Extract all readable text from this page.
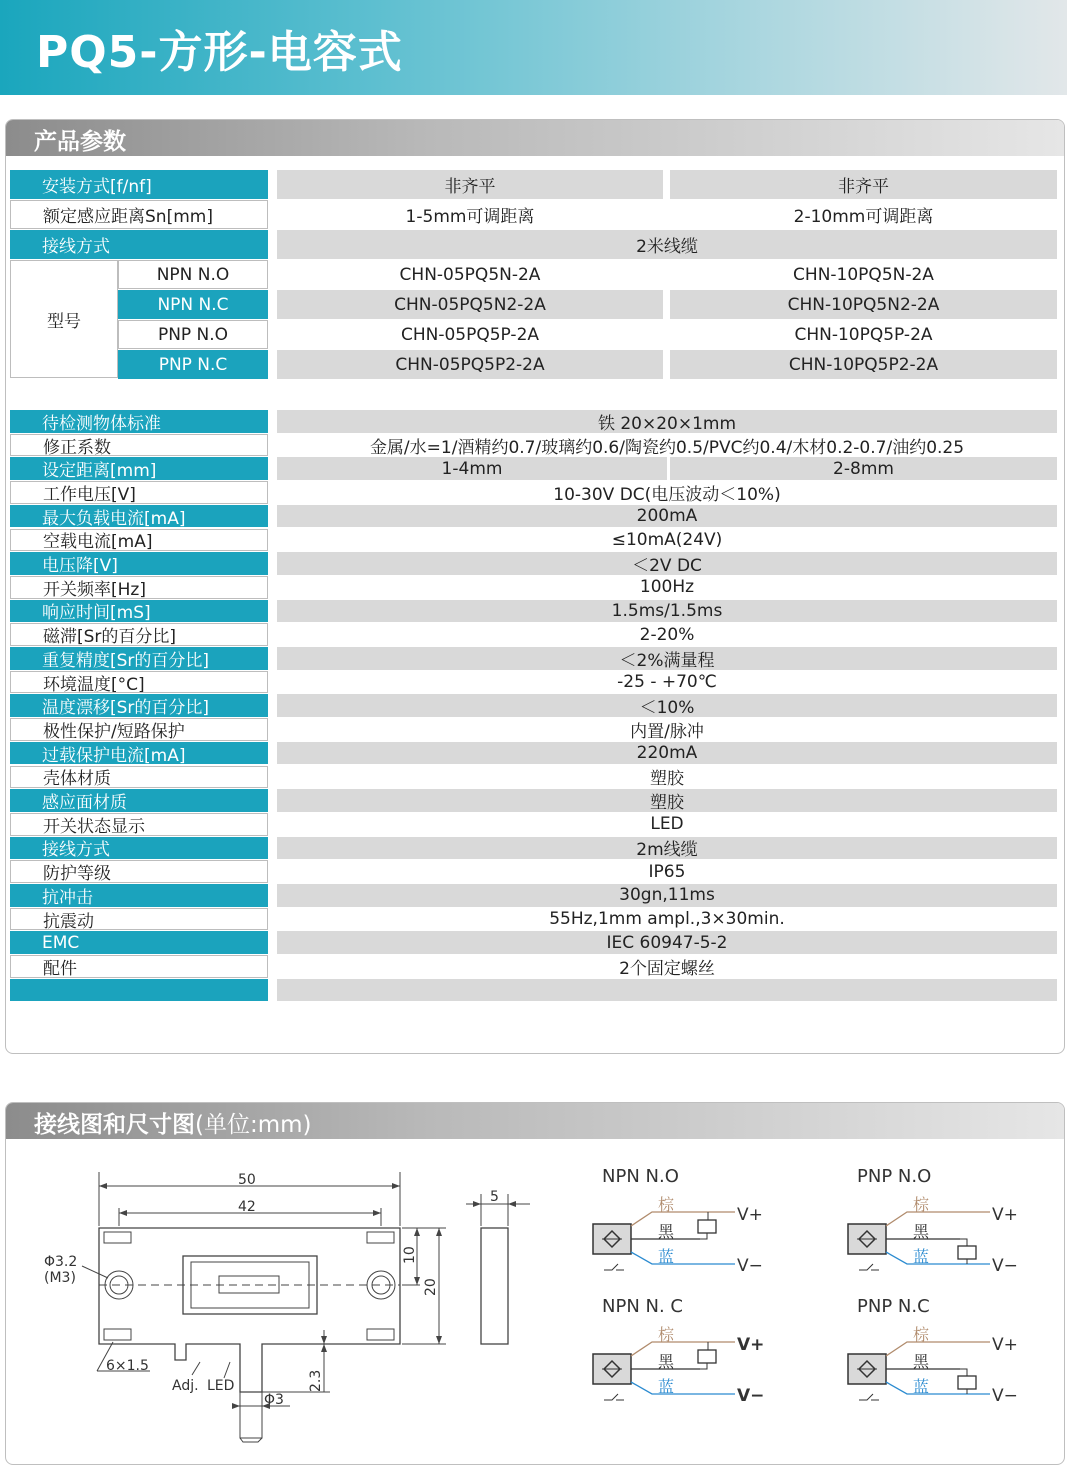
PQ5-方形-电容式
产品参数
安装方式[f/nf]	非齐平	非齐平
额定感应距离Sn[mm]	1-5mm可调距离	2-10mm可调距离
接线方式	2米线缆
型号
NPN N.O	CHN-05PQ5N-2A	CHN-10PQ5N-2A
NPN N.C	CHN-05PQ5N2-2A	CHN-10PQ5N2-2A
PNP N.O	CHN-05PQ5P-2A	CHN-10PQ5P-2A
PNP N.C	CHN-05PQ5P2-2A	CHN-10PQ5P2-2A
待检测物体标准	铁 20×20×1mm
修正系数	金属/水=1/酒精约0.7/玻璃约0.6/陶瓷约0.5/PVC约0.4/木材0.2-0.7/油约0.25
设定距离[mm]	1-4mm	2-8mm
工作电压[V]	10-30V DC(电压波动＜10%)
最大负载电流[mA]	200mA
空载电流[mA]	≤10mA(24V)
电压降[V]	＜2V DC
开关频率[Hz]	100Hz
响应时间[mS]	1.5ms/1.5ms
磁滞[Sr的百分比]	2-20%
重复精度[Sr的百分比]	＜2%满量程
环境温度[°C]	-25 - +70℃
温度漂移[Sr的百分比]	＜10%
极性保护/短路保护	内置/脉冲
过载保护电流[mA]	220mA
壳体材质	塑胶
感应面材质	塑胶
开关状态显示	LED
接线方式	2m线缆
防护等级	IP65
抗冲击	30gn,11ms
抗震动	55Hz,1mm ampl.,3×30min.
EMC	IEC 60947-5-2
配件	2个固定螺丝
接线图和尺寸图(单位:mm)
50
42
Φ3.2
(M3)
10
20
5
6×1.5
Adj. LED
Φ3
2.3
NPN N.O
棕
黑
蓝
V+
V−
PNP N.O
棕
黑
蓝
V+
V−
NPN N. C
棕
黑
蓝
V+
V−
PNP N.C
棕
黑
蓝
V+
V−
